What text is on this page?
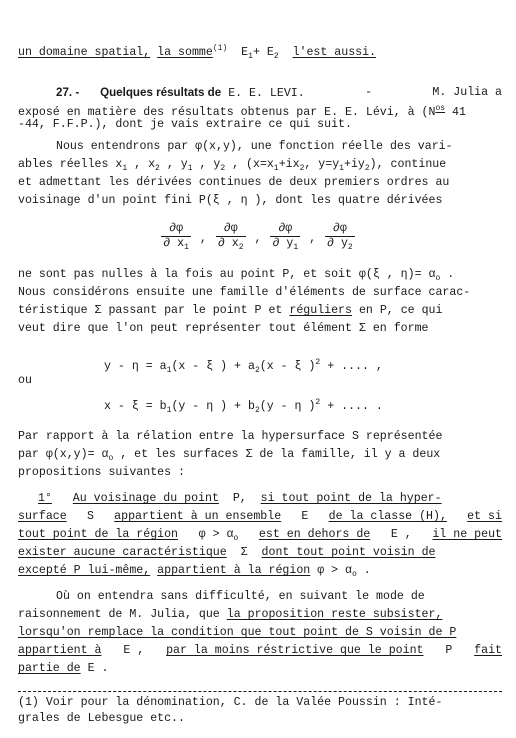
un domaine spatial, la somme$^{(1)}$ $E_1+ E_2$ l'est aussi.
27. - Quelques résultats de E. E. LEVI.	-	M. Julia a
exposé en matière des résultats obtenus par E. E. Lévi, à ($N^{os}$ 41
-44, F.F.P.), dont je vais extraire ce qui suit.
Nous entendrons par φ(x,y), une fonction réelle des vari-
ables réelles $x_1$ , $x_2$ , $y_1$ , $y_2$ , ($x=x_1+ix_2$, $y=y_1+iy_2$), continue
et admettant les dérivées continues de deux premiers ordres au
voisinage d'un point fini P(ξ , η ), dont les quatre dérivées
$\frac{\partial\varphi}{\partial x_1}$ , $\frac{\partial\varphi}{\partial x_2}$ , $\frac{\partial\varphi}{\partial y_1}$ , $\frac{\partial\varphi}{\partial y_2}$
ne sont pas nulles à la fois au point P, et soit φ(ξ , $\eta)= \alpha_o$ .
Nous considérons ensuite une famille d'éléments de surface carac-
téristique Σ passant par le point P et réguliers en P, ce qui
veut dire que l'on peut représenter tout élément Σ en forme
$y - \eta = a_1(x - \xi$ ) + $a_2(x$ - ξ )$^2$ + .... ,
ou
$x - \xi = b_1(y - \eta$ ) + $b_2(y$ - η )$^2$ + .... .
Par rapport à la rélation entre la hypersurface S représentée
par $\varphi(x,y)= \alpha_o$ , et les surfaces Σ de la famille, il y a deux
propositions suivantes :
1° Au voisinage du point P, si tout point de la hyper-
surface S appartient à un ensemble E de la classe (H), et si
tout point de la région $\varphi > \alpha_o$ est en dehors de E , il ne peut
exister aucune caractéristique Σ dont tout point voisin de
excepté P lui-même, appartient à la région $\varphi > \alpha_o$ .
Où on entendra sans difficulté, en suivant le mode de
raisonnement de M. Julia, que la proposition reste subsister,
lorsqu'on remplace la condition que tout point de S voisin de P
appartient à E , par la moins réstrictive que le point P fait
partie de E .
(1) Voir pour la dénomination, C. de la Valée Poussin : Inté-
grales de Lebesgue etc..
